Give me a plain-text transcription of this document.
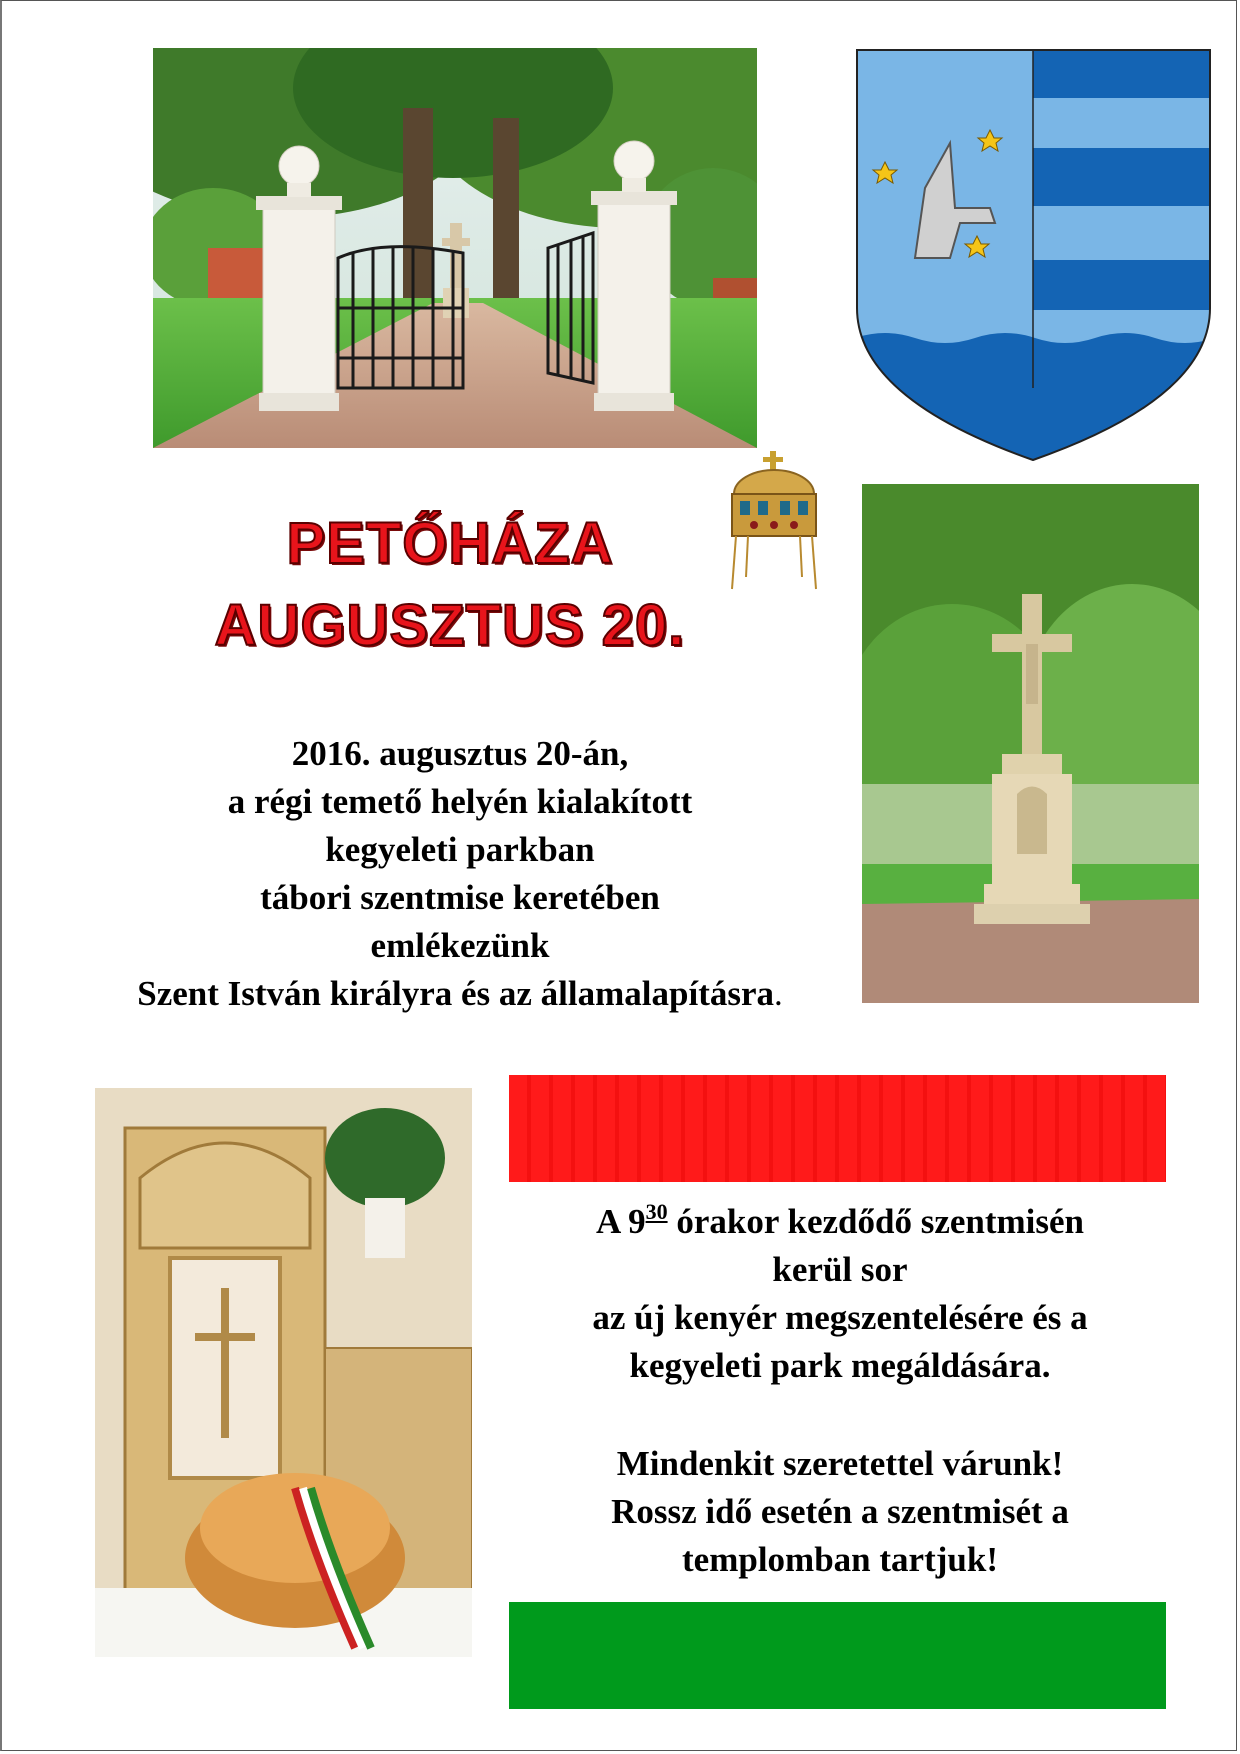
PETŐHÁZA
AUGUSZTUS 20.
2016. augusztus 20-án,
a régi temető helyén kialakított
kegyeleti parkban
tábori szentmise keretében
emlékezünk
Szent István királyra és az államalapításra.
A $9^{30}$ órakor kezdődő szentmisén
kerül sor
az új kenyér megszentelésére és a
kegyeleti park megáldására.
Mindenkit szeretettel várunk!
Rossz idő esetén a szentmisét a
templomban tartjuk!
